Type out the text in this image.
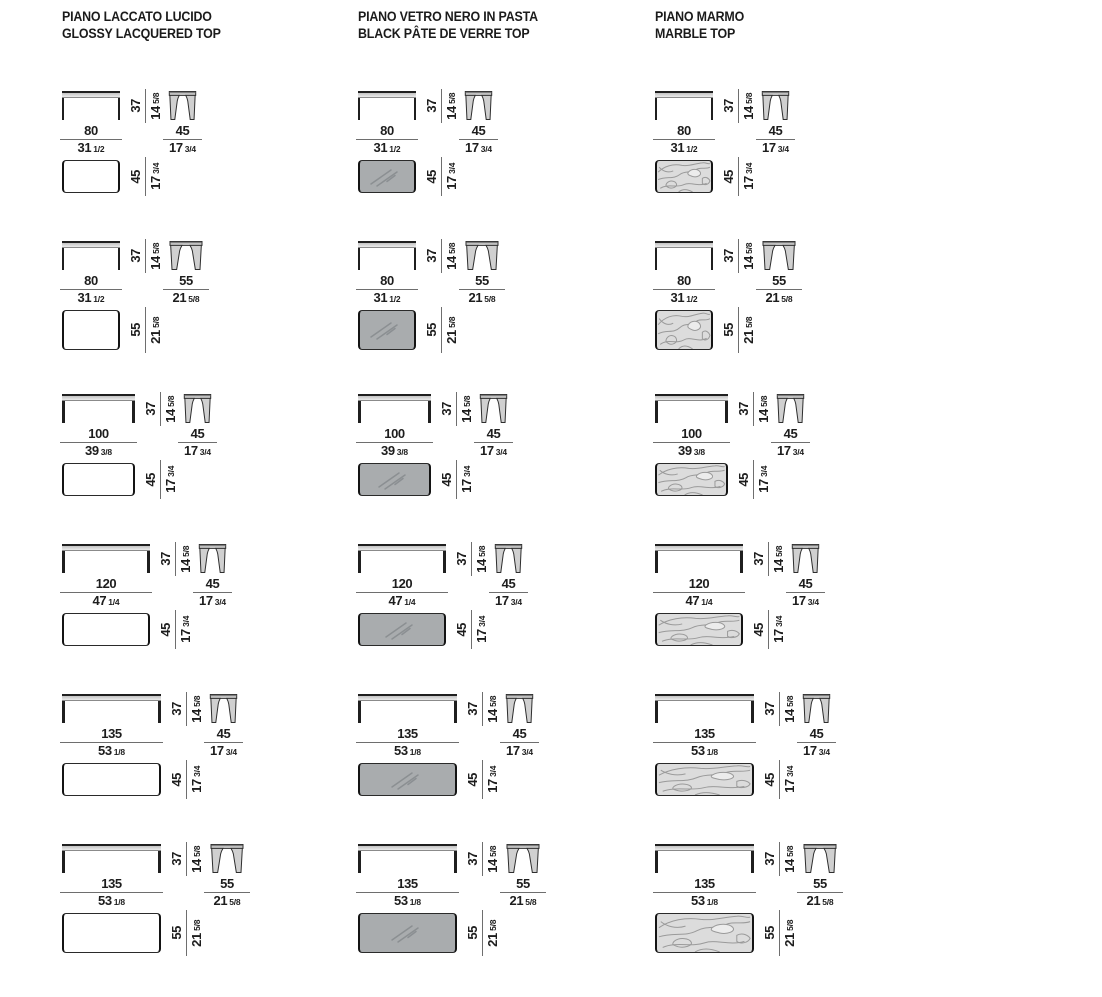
PIANO LACCATO LUCIDO
GLOSSY LACQUERED TOP
PIANO VETRO NERO IN PASTA
BLACK PÂTE DE VERRE TOP
PIANO MARMO
MARBLE TOP
37 145/8
80
31 1/2
45
17 3/4
45 173/4
37 145/8
80
31 1/2
55
21 5/8
55 215/8
37 145/8
100
39 3/8
45
17 3/4
45 173/4
37 145/8
120
47 1/4
45
17 3/4
45 173/4
37 145/8
135
53 1/8
45
17 3/4
45 173/4
37 145/8
135
53 1/8
55
21 5/8
55 215/8
37 145/8
80
31 1/2
45
17 3/4
45 173/4
37 145/8
80
31 1/2
55
21 5/8
55 215/8
37 145/8
100
39 3/8
45
17 3/4
45 173/4
37 145/8
120
47 1/4
45
17 3/4
45 173/4
37 145/8
135
53 1/8
45
17 3/4
45 173/4
37 145/8
135
53 1/8
55
21 5/8
55 215/8
37 145/8
80
31 1/2
45
17 3/4
45 173/4
37 145/8
80
31 1/2
55
21 5/8
55 215/8
37 145/8
100
39 3/8
45
17 3/4
45 173/4
37 145/8
120
47 1/4
45
17 3/4
45 173/4
37 145/8
135
53 1/8
45
17 3/4
45 173/4
37 145/8
135
53 1/8
55
21 5/8
55 215/8
